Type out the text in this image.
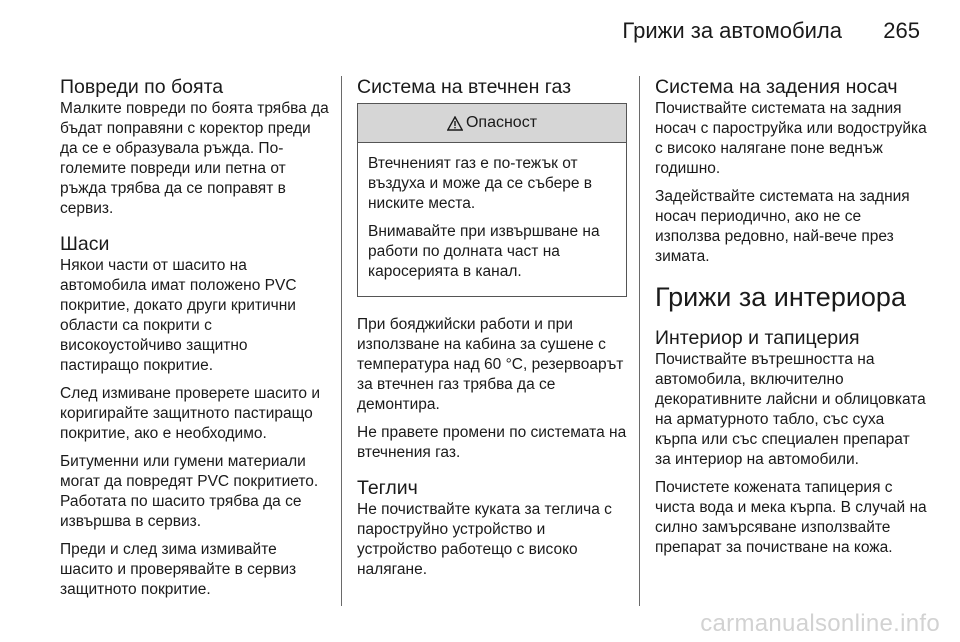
Грижи за автомобила 265
Повреди по боята

Малките повреди по боята трябва да бъдат поправяни с коректор преди да се е образувала ръжда. По-големите повреди или петна от ръжда трябва да се поправят в сервиз.

Шаси

Някои части от шасито на автомобила имат положено PVC покритие, докато други критични области са покрити с високоустойчиво защитно пастиращо покритие.

След измиване проверете шасито и коригирайте защитното пастиращо покритие, ако е необходимо.

Битуменни или гумени материали могат да повредят PVC покритието. Работата по шасито трябва да се извършва в сервиз.

Преди и след зима измивайте шасито и проверявайте в сервиз защитното покритие.

Система на втечнен газ
Опасност

Втечненият газ е по-тежък от въздуха и може да се събере в ниските места.

Внимавайте при извършване на работи по долната част на каросерията в канал.

При бояджийски работи и при използване на кабина за сушене с температура над 60 °C, резервоарът за втечнен газ трябва да се демонтира.

Не правете промени по системата на втечнения газ.

Теглич

Не почиствайте куката за теглича с пароструйно устройство и устройство работещо с високо налягане.

Система на задения носач

Почиствайте системата на задния носач с пароструйка или водоструйка с високо налягане поне веднъж годишно.

Задействайте системата на задния носач периодично, ако не се използва редовно, най-вече през зимата.

Грижи за интериора
Интериор и тапицерия

Почиствайте вътрешността на автомобила, включително декоративните лайсни и облицовката на арматурното табло, със суха кърпа или със специален препарат за интериор на автомобили.

Почистете кожената тапицерия с чиста вода и мека кърпа. В случай на силно замърсяване използвайте препарат за почистване на кожа.

carmanualsonline.info
